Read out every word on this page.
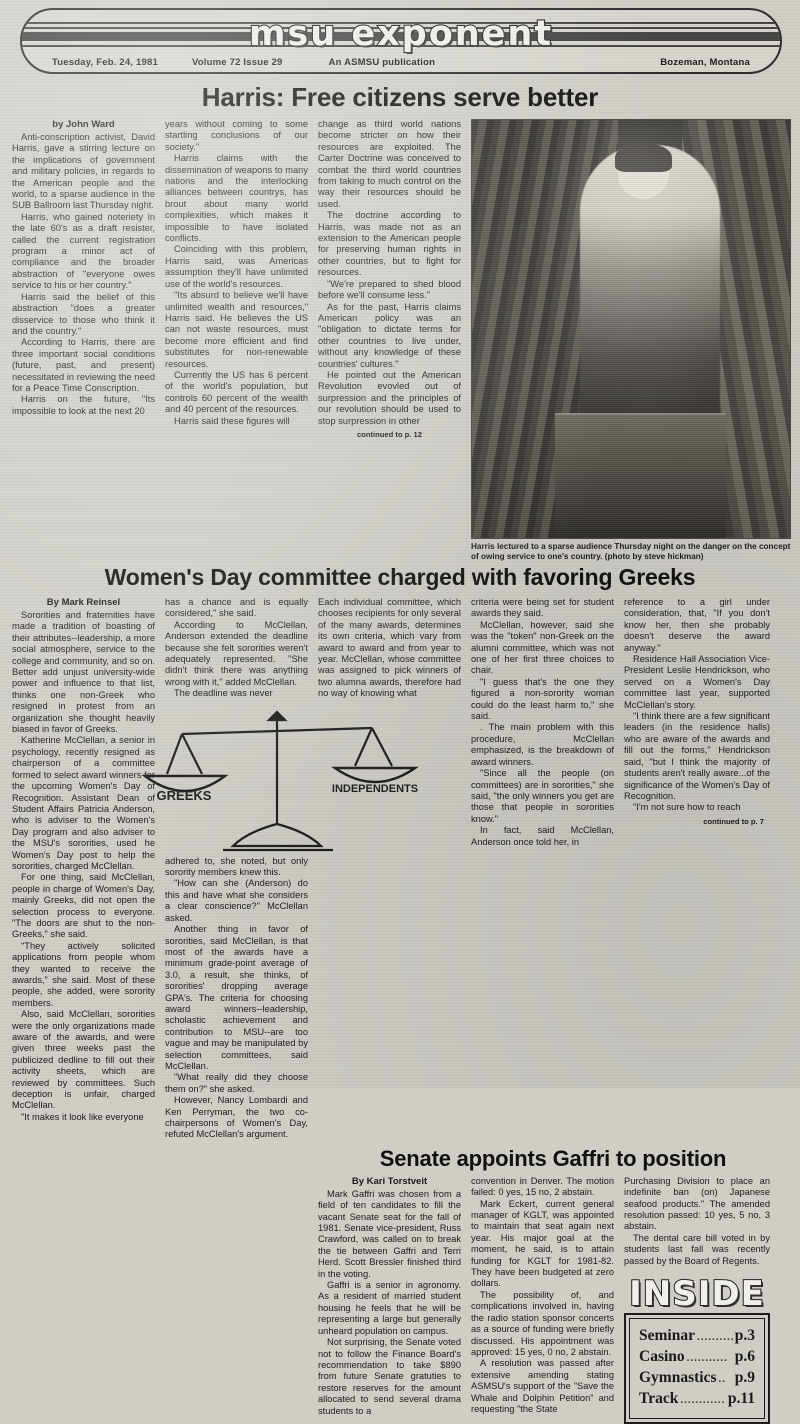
msu exponent
Tuesday, Feb. 24, 1981	Volume 72 Issue 29	An ASMSU publication	Bozeman, Montana
Harris: Free citizens serve better
by John Ward

Anti-conscription activist, David Harris, gave a stirring lecture on the implications of government and military policies, in regards to the American people and the world, to a sparse audience in the SUB Ballroom last Thursday night.

Harris, who gained noteriety in the late 60's as a draft resister, called the current registration program a minor act of compliance and the broader abstraction of "everyone owes service to his or her country."

Harris said the belief of this abstraction "does a greater disservice to those who think it and the country."

According to Harris, there are three important social conditions (future, past, and present) necessitated in reviewing the need for a Peace Time Conscription.

Harris on the future, "Its impossible to look at the next 20

years without coming to some startling conclusions of our society."

Harris claims with the dissemination of weapons to many nations and the interlocking alliances between countrys, has brout about many world complexities, which makes it impossible to have isolated conflicts.

Coinciding with this problem, Harris said, was Americas assumption they'll have unlimited use of the world's resources.

"Its absurd to believe we'll have unlimited wealth and resources," Harris said. He believes the US can not waste resources, must become more efficient and find substitutes for non-renewable resources.

Currently the US has 6 percent of the world's population, but controls 60 percent of the wealth and 40 percent of the resources.

Harris said these figures will

change as third world nations become stricter on how their resources are exploited. The Carter Doctrine was conceived to combat the third world countries from taking to much control on the way their resources should be used.

The doctrine according to Harris, was made not as an extension to the American people for preserving human rights in other countries, but to fight for resources.

"We're prepared to shed blood before we'll consume less."

As for the past, Harris claims American policy was an "obligation to dictate terms for other countries to live under, without any knowledge of these countries' cultures."

He pointed out the American Revolution evovled out of surpression and the principles of our revolution should be used to stop surpression in other

continued to p. 12
Harris lectured to a sparse audience Thursday night on the danger on the concept of owing service to one's country. (photo by steve hickman)
Women's Day committee charged with favoring Greeks
By Mark Reinsel

Sororities and fraternities have made a tradition of boasting of their attributes--leadership, a more social atmosphere, service to the college and community, and so on. Better add unjust university-wide power and influence to that list, thinks one non-Greek who resigned in protest from an organization she thought heavily biased in favor of Greeks.

Katherine McClellan, a senior in psychology, recently resigned as chairperson of a committee formed to select award winners for the upcoming Women's Day of Recognition. Assistant Dean of Student Affairs Patricia Anderson, who is adviser to the Women's Day program and also adviser to the MSU's sororities, used he Women's Day post to help the sororities, charged McClellan.

For one thing, said McClellan, people in charge of Women's Day, mainly Greeks, did not open the selection process to everyone. "The doors are shut to the non-Greeks," she said.

"They actively solicited applications from people whom they wanted to receive the awards," she said. Most of these people, she added, were sorority members.

Also, said McClellan, sororities were the only organizations made aware of the awards, and were given three weeks past the publicized dedline to fill out their activity sheets, which are reviewed by committees. Such deception is unfair, charged McClellan.

"It makes it look like everyone

has a chance and is equally considered," she said.

According to McClellan, Anderson extended the deadline because she felt sororities weren't adequately represented. "She didn't think there was anything wrong with it," added McClellan.

The deadline was never

GREEKS	INDEPENDENTS

adhered to, she noted, but only sorority members knew this.

"How can she (Anderson) do this and have what she considers a clear conscience?" McClellan asked.

Another thing in favor of sororities, said McClellan, is that most of the awards have a minimum grade-point average of 3.0, a result, she thinks, of sororities' dropping average GPA's. The criteria for choosing award winners--leadership, scholastic achievement and contribution to MSU--are too vague and may be manipulated by selection committees, said McClellan.

"What really did they choose them on?" she asked.

However, Nancy Lombardi and Ken Perryman, the two co-chairpersons of Women's Day, refuted McClellan's argument.

Each individual committee, which chooses recipients for only several of the many awards, determines its own criteria, which vary from award to award and from year to year. McClellan, whose committee was assigned to pick winners of two alumna awards, therefore had no way of knowing what

criteria were being set for student awards they said.

McClellan, however, said she was the "token" non-Greek on the alumni committee, which was not one of her first three choices to chair.

"I guess that's the one they figured a non-sorority woman could do the least harm to," she said.

. The main problem with this procedure, McClellan emphasized, is the breakdown of award winners.

"Since all the people (on committees) are in sororities," she said, "the only winners you get are those that people in sororities know."

In fact, said McClellan, Anderson once told her, in

reference to a girl under consideration, that, "If you don't know her, then she probably doesn't deserve the award anyway."

Residence Hall Association Vice-President Leslie Hendrickson, who served on a Women's Day committee last year, supported McClellan's story.

"I think there are a few significant leaders (in the residence halls) who are aware of the awards and fill out the forms," Hendrickson said, "but I think the majority of students aren't really aware...of the significance of the Women's Day of Recognition.

"I'm not sure how to reach

continued to p. 7
Senate appoints Gaffri to position
By Kari Torstveit

Mark Gaffri was chosen from a field of ten candidates to fill the vacant Senate seat for the fall of 1981. Senate vice-president, Russ Crawford, was called on to break the tie between Gaffri and Terri Herd. Scott Bressler finished third in the voting.

Gaffri is a senior in agronomy. As a resident of married student housing he feels that he will be representing a large but generally unheard population on campus.

Not surprising, the Senate voted not to follow the Finance Board's recommendation to take $890 from future Senate gratuties to restore reserves for the amount allocated to send several drama students to a

convention in Denver. The motion failed: 0 yes, 15 no, 2 abstain.

Mark Eckert, current general manager of KGLT, was appointed to maintain that seat again next year. His major goal at the moment, he said, is to attain funding for KGLT for 1981-82. They have been budgeted at zero dollars.

The possibility of, and complications involved in, having the radio station sponsor concerts as a source of funding were briefly discussed. His appointment was approved: 15 yes, 0 no, 2 abstain.

A resolution was passed after extensive amending stating ASMSU's support of the "Save the Whale and Dolphin Petition" and requesting "the State

Purchasing Division to place an indefinite ban (on) Japanese seafood products." The amended resolution passed: 10 yes, 5 no, 3 abstain.

The dental care bill voted in by students last fall was recently passed by the Board of Regents.

INSIDE
Seminar .......... p.3
Casino ........... p.6
Gymnastics .. p.9
Track ............ p.11
